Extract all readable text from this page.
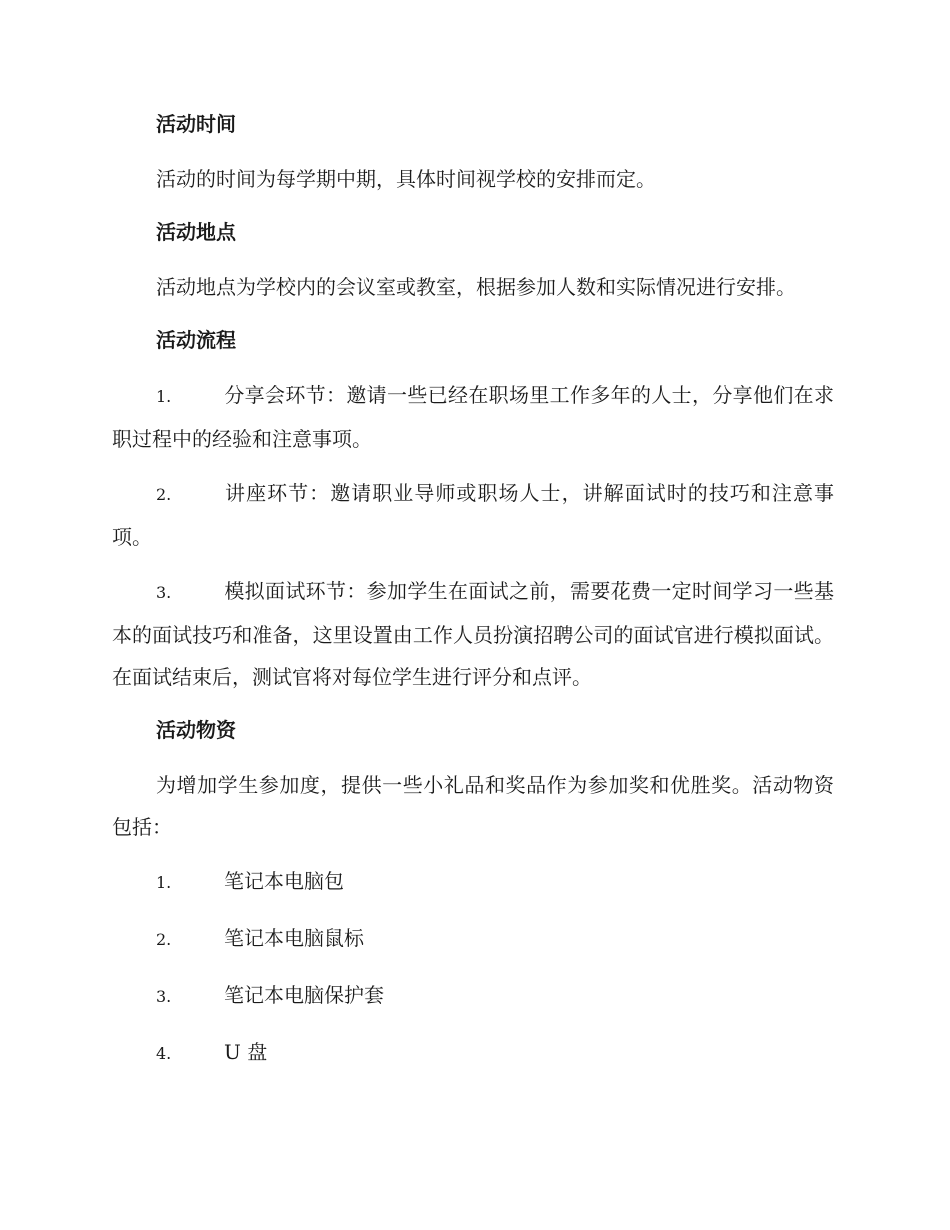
活动时间
活动的时间为每学期中期，具体时间视学校的安排而定。
活动地点
活动地点为学校内的会议室或教室，根据参加人数和实际情况进行安排。
活动流程
1.	分享会环节：邀请一些已经在职场里工作多年的人士，分享他们在求职过程中的经验和注意事项。
2.	讲座环节：邀请职业导师或职场人士，讲解面试时的技巧和注意事项。
3.	模拟面试环节：参加学生在面试之前，需要花费一定时间学习一些基本的面试技巧和准备，这里设置由工作人员扮演招聘公司的面试官进行模拟面试。在面试结束后，测试官将对每位学生进行评分和点评。
活动物资
为增加学生参加度，提供一些小礼品和奖品作为参加奖和优胜奖。活动物资包括：
1.	笔记本电脑包
2.	笔记本电脑鼠标
3.	笔记本电脑保护套
4.	U 盘
